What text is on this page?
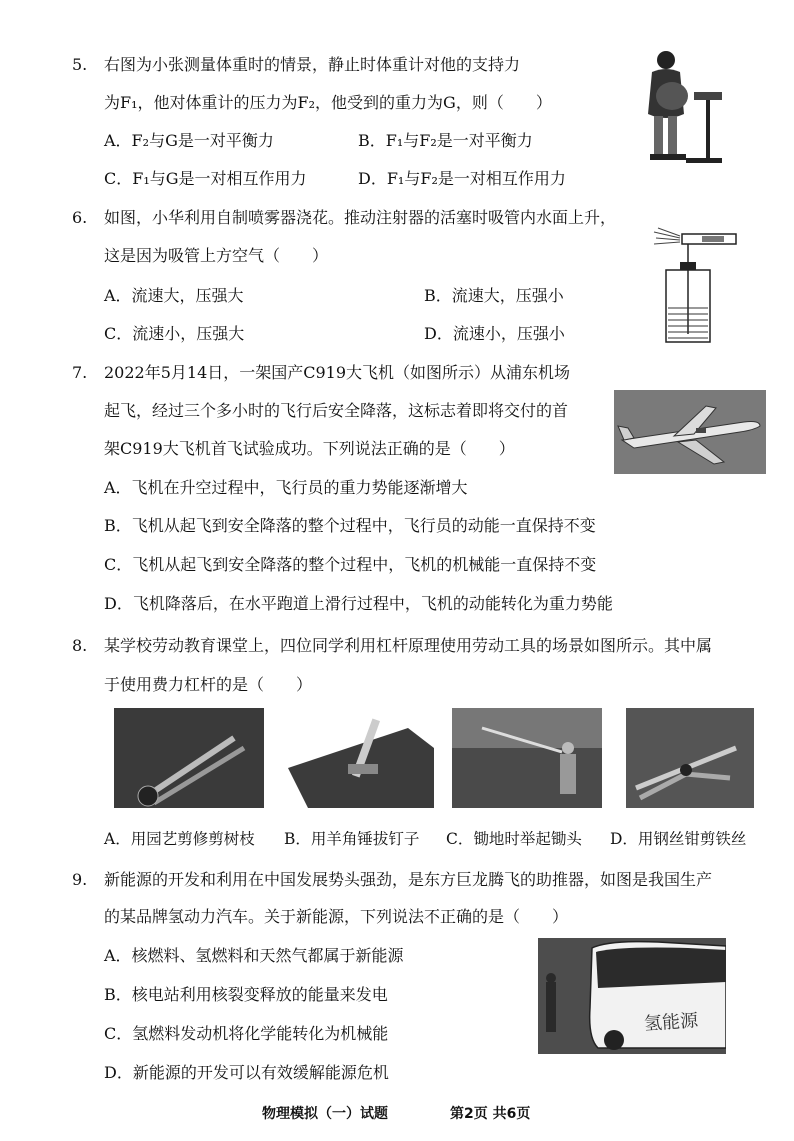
5. 右图为小张测量体重时的情景，静止时体重计对他的支持力
为F₁，他对体重计的压力为F₂，他受到的重力为G，则（　　）
A．F₂与G是一对平衡力	B．F₁与F₂是一对平衡力
C．F₁与G是一对相互作用力	D．F₁与F₂是一对相互作用力
6. 如图，小华利用自制喷雾器浇花。推动注射器的活塞时吸管内水面上升，
这是因为吸管上方空气（　　）
A．流速大，压强大	B．流速大，压强小
C．流速小，压强大	D．流速小，压强小
7. 2022年5月14日，一架国产C919大飞机（如图所示）从浦东机场
起飞，经过三个多小时的飞行后安全降落，这标志着即将交付的首
架C919大飞机首飞试验成功。下列说法正确的是（　　）
A．飞机在升空过程中，飞行员的重力势能逐渐增大
B．飞机从起飞到安全降落的整个过程中，飞行员的动能一直保持不变
C．飞机从起飞到安全降落的整个过程中，飞机的机械能一直保持不变
D．飞机降落后，在水平跑道上滑行过程中，飞机的动能转化为重力势能
8. 某学校劳动教育课堂上，四位同学利用杠杆原理使用劳动工具的场景如图所示。其中属
于使用费力杠杆的是（　　）
A．用园艺剪修剪树枝 B．用羊角锤拔钉子 C．锄地时举起锄头 D．用钢丝钳剪铁丝
9. 新能源的开发和利用在中国发展势头强劲，是东方巨龙腾飞的助推器，如图是我国生产
的某品牌氢动力汽车。关于新能源，下列说法不正确的是（　　）
A．核燃料、氢燃料和天然气都属于新能源
B．核电站利用核裂变释放的能量来发电
C．氢燃料发动机将化学能转化为机械能
D．新能源的开发可以有效缓解能源危机
氢能源
物理模拟（一）试题	第2页 共6页
